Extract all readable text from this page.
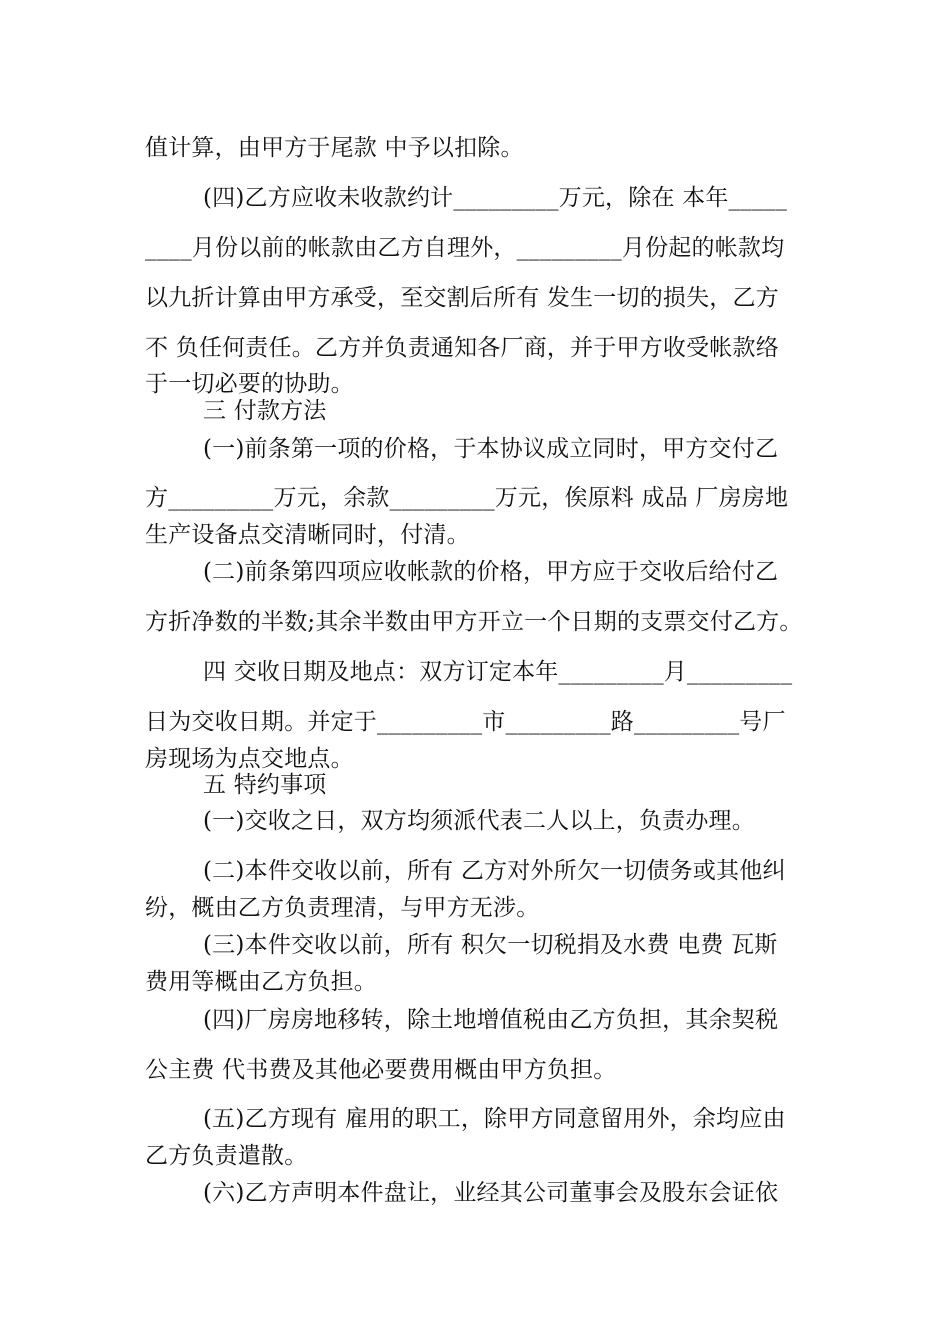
值计算，由甲方于尾款 中予以扣除。
(四)乙方应收未收款约计_________万元，除在 本年_____
____月份以前的帐款由乙方自理外，_________月份起的帐款均
以九折计算由甲方承受，至交割后所有 发生一切的损失，乙方
不 负任何责任。乙方并负责通知各厂商，并于甲方收受帐款络
于一切必要的协助。
三 付款方法
(一)前条第一项的价格，于本协议成立同时，甲方交付乙
方_________万元，余款_________万元，俟原料 成品 厂房房地
生产设备点交清晰同时，付清。
(二)前条第四项应收帐款的价格，甲方应于交收后给付乙
方折净数的半数;其余半数由甲方开立一个日期的支票交付乙方。
四 交收日期及地点：双方订定本年_________月_________
日为交收日期。并定于_________市_________路_________号厂
房现场为点交地点。
五 特约事项
(一)交收之日，双方均须派代表二人以上，负责办理。
(二)本件交收以前，所有 乙方对外所欠一切债务或其他纠
纷，概由乙方负责理清，与甲方无涉。
(三)本件交收以前，所有 积欠一切税捐及水费 电费 瓦斯
费用等概由乙方负担。
(四)厂房房地移转，除土地增值税由乙方负担，其余契税
公主费 代书费及其他必要费用概由甲方负担。
(五)乙方现有 雇用的职工，除甲方同意留用外，余均应由
乙方负责遣散。
(六)乙方声明本件盘让，业经其公司董事会及股东会证依
